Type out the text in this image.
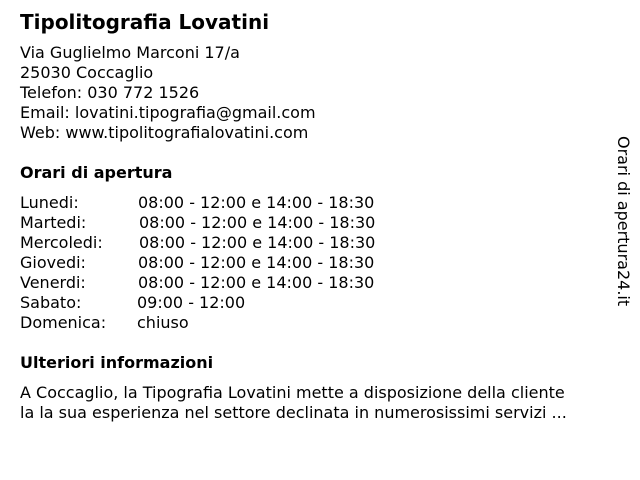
Tipolitografia Lovatini
Via Guglielmo Marconi 17/a
25030 Coccaglio
Telefon: 030 772 1526
Email: lovatini.tipografia@gmail.com
Web: www.tipolitografialovatini.com
Orari di apertura
Lunedi:	08:00 - 12:00 e 14:00 - 18:30
Martedi:	08:00 - 12:00 e 14:00 - 18:30
Mercoledi: 08:00 - 12:00 e 14:00 - 18:30
Giovedi:	08:00 - 12:00 e 14:00 - 18:30
Venerdi:	08:00 - 12:00 e 14:00 - 18:30
Sabato:	09:00 - 12:00
Domenica: chiuso
Ulteriori informazioni
A Coccaglio, la Tipografia Lovatini mette a disposizione della cliente
la la sua esperienza nel settore declinata in numerosissimi servizi ...
Orari di apertura24.it
